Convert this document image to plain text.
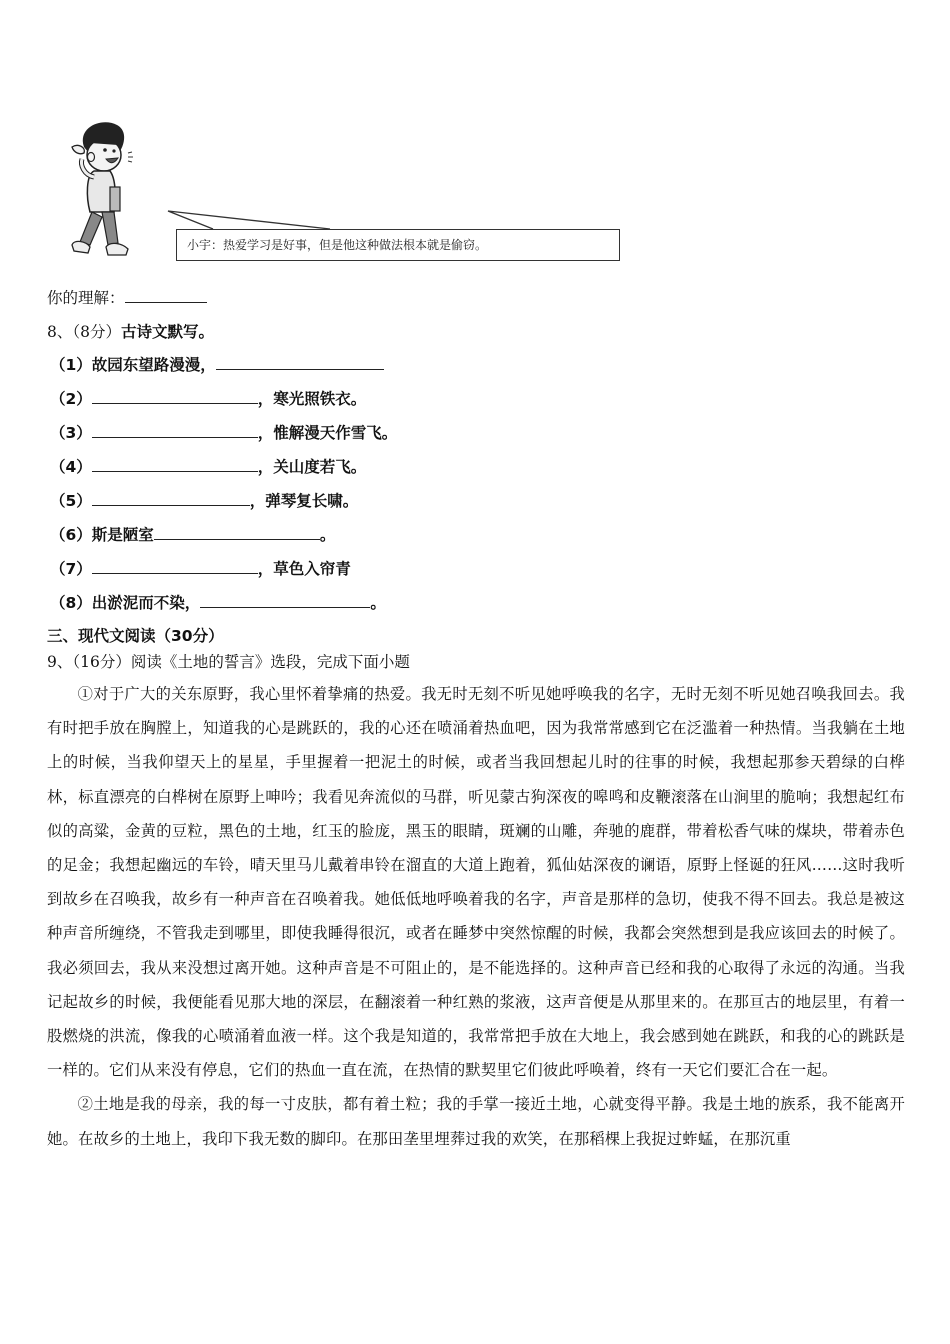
小宇：热爱学习是好事，但是他这种做法根本就是偷窃。
你的理解：
8、（8分）古诗文默写。
（1）故园东望路漫漫，
（2）	，寒光照铁衣。
（3）	，惟解漫天作雪飞。
（4）	，关山度若飞。
（5）	，弹琴复长啸。
（6）斯是陋室	。
（7）	，草色入帘青
（8）出淤泥而不染，	。
三、现代文阅读（30分）
9、（16分）阅读《土地的誓言》选段，完成下面小题

①对于广大的关东原野，我心里怀着挚痛的热爱。我无时无刻不听见她呼唤我的名字，无时无刻不听见她召唤我回去。我有时把手放在胸膛上，知道我的心是跳跃的，我的心还在喷涌着热血吧，因为我常常感到它在泛滥着一种热情。当我躺在土地上的时候，当我仰望天上的星星，手里握着一把泥土的时候，或者当我回想起儿时的往事的时候，我想起那参天碧绿的白桦林，标直漂亮的白桦树在原野上呻吟；我看见奔流似的马群，听见蒙古狗深夜的嗥鸣和皮鞭滚落在山涧里的脆响；我想起红布似的高粱，金黄的豆粒，黑色的土地，红玉的脸庞，黑玉的眼睛，斑斓的山雕，奔驰的鹿群，带着松香气味的煤块，带着赤色的足金；我想起幽远的车铃，晴天里马儿戴着串铃在溜直的大道上跑着，狐仙姑深夜的谰语，原野上怪诞的狂风……这时我听到故乡在召唤我，故乡有一种声音在召唤着我。她低低地呼唤着我的名字，声音是那样的急切，使我不得不回去。我总是被这种声音所缠绕，不管我走到哪里，即使我睡得很沉，或者在睡梦中突然惊醒的时候，我都会突然想到是我应该回去的时候了。我必须回去，我从来没想过离开她。这种声音是不可阻止的，是不能选择的。这种声音已经和我的心取得了永远的沟通。当我记起故乡的时候，我便能看见那大地的深层，在翻滚着一种红熟的浆液，这声音便是从那里来的。在那亘古的地层里，有着一股燃烧的洪流，像我的心喷涌着血液一样。这个我是知道的，我常常把手放在大地上，我会感到她在跳跃，和我的心的跳跃是一样的。它们从来没有停息，它们的热血一直在流，在热情的默契里它们彼此呼唤着，终有一天它们要汇合在一起。

②土地是我的母亲，我的每一寸皮肤，都有着土粒；我的手掌一接近土地，心就变得平静。我是土地的族系，我不能离开她。在故乡的土地上，我印下我无数的脚印。在那田垄里埋葬过我的欢笑，在那稻棵上我捉过蚱蜢，在那沉重
